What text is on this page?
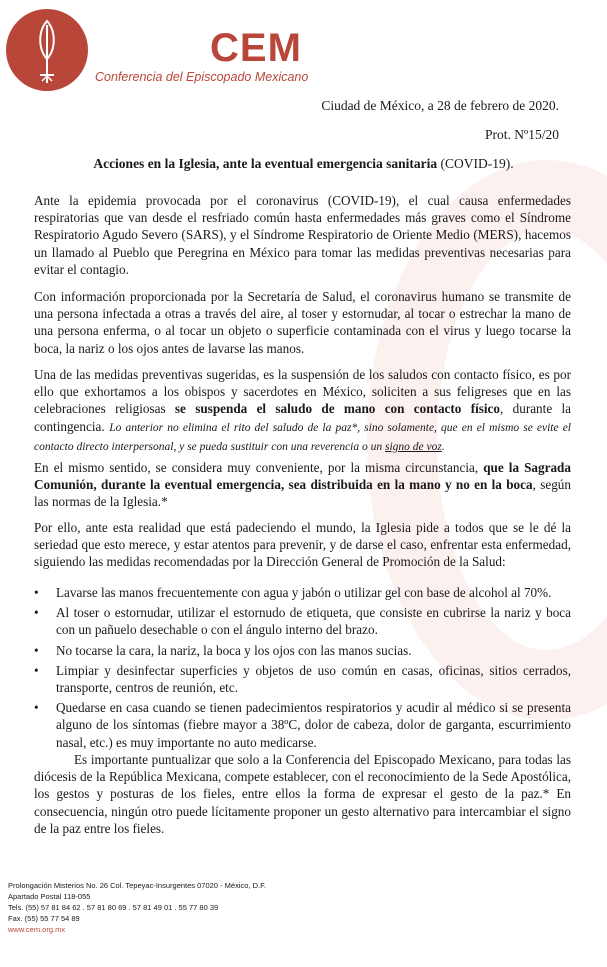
CEM
Conferencia del Episcopado Mexicano
Ciudad de México, a 28 de febrero de 2020.
Prot. Nº15/20
Acciones en la Iglesia, ante la eventual emergencia sanitaria (COVID-19).

Ante la epidemia provocada por el coronavirus (COVID-19), el cual causa enfermedades respiratorias que van desde el resfriado común hasta enfermedades más graves como el Síndrome Respiratorio Agudo Severo (SARS), y el Síndrome Respiratorio de Oriente Medio (MERS), hacemos un llamado al Pueblo que Peregrina en México para tomar las medidas preventivas necesarias para evitar el contagio.

Con información proporcionada por la Secretaría de Salud, el coronavirus humano se transmite de una persona infectada a otras a través del aire, al toser y estornudar, al tocar o estrechar la mano de una persona enferma, o al tocar un objeto o superficie contaminada con el virus y luego tocarse la boca, la nariz o los ojos antes de lavarse las manos.

Una de las medidas preventivas sugeridas, es la suspensión de los saludos con contacto físico, es por ello que exhortamos a los obispos y sacerdotes en México, soliciten a sus feligreses que en las celebraciones religiosas se suspenda el saludo de mano con contacto físico, durante la contingencia. Lo anterior no elimina el rito del saludo de la paz*, sino solamente, que en el mismo se evite el contacto directo interpersonal, y se pueda sustituir con una reverencia o un signo de voz.

En el mismo sentido, se considera muy conveniente, por la misma circunstancia, que la Sagrada Comunión, durante la eventual emergencia, sea distribuida en la mano y no en la boca, según las normas de la Iglesia.*

Por ello, ante esta realidad que está padeciendo el mundo, la Iglesia pide a todos que se le dé la seriedad que esto merece, y estar atentos para prevenir, y de darse el caso, enfrentar esta enfermedad, siguiendo las medidas recomendadas por la Dirección General de Promoción de la Salud:

• Lavarse las manos frecuentemente con agua y jabón o utilizar gel con base de alcohol al 70%.
• Al toser o estornudar, utilizar el estornudo de etiqueta, que consiste en cubrirse la nariz y boca con un pañuelo desechable o con el ángulo interno del brazo.
• No tocarse la cara, la nariz, la boca y los ojos con las manos sucias.
• Limpiar y desinfectar superficies y objetos de uso común en casas, oficinas, sitios cerrados, transporte, centros de reunión, etc.
• Quedarse en casa cuando se tienen padecimientos respiratorios y acudir al médico si se presenta alguno de los síntomas (fiebre mayor a 38ºC, dolor de cabeza, dolor de garganta, escurrimiento nasal, etc.) es muy importante no auto medicarse.

Es importante puntualizar que solo a la Conferencia del Episcopado Mexicano, para todas las diócesis de la República Mexicana, compete establecer, con el reconocimiento de la Sede Apostólica, los gestos y posturas de los fieles, entre ellos la forma de expresar el gesto de la paz.* En consecuencia, ningún otro puede lícitamente proponer un gesto alternativo para intercambiar el signo de la paz entre los fieles.

Prolongación Misterios No. 26 Col. Tepeyac-Insurgentes 07020 - México, D.F.
Apartado Postal 118-055
Tels. (55) 57 81 84 62 . 57 81 80 69 . 57 81 49 01 . 55 77 80 39
Fax. (55) 55 77 54 89
www.cem.org.mx
